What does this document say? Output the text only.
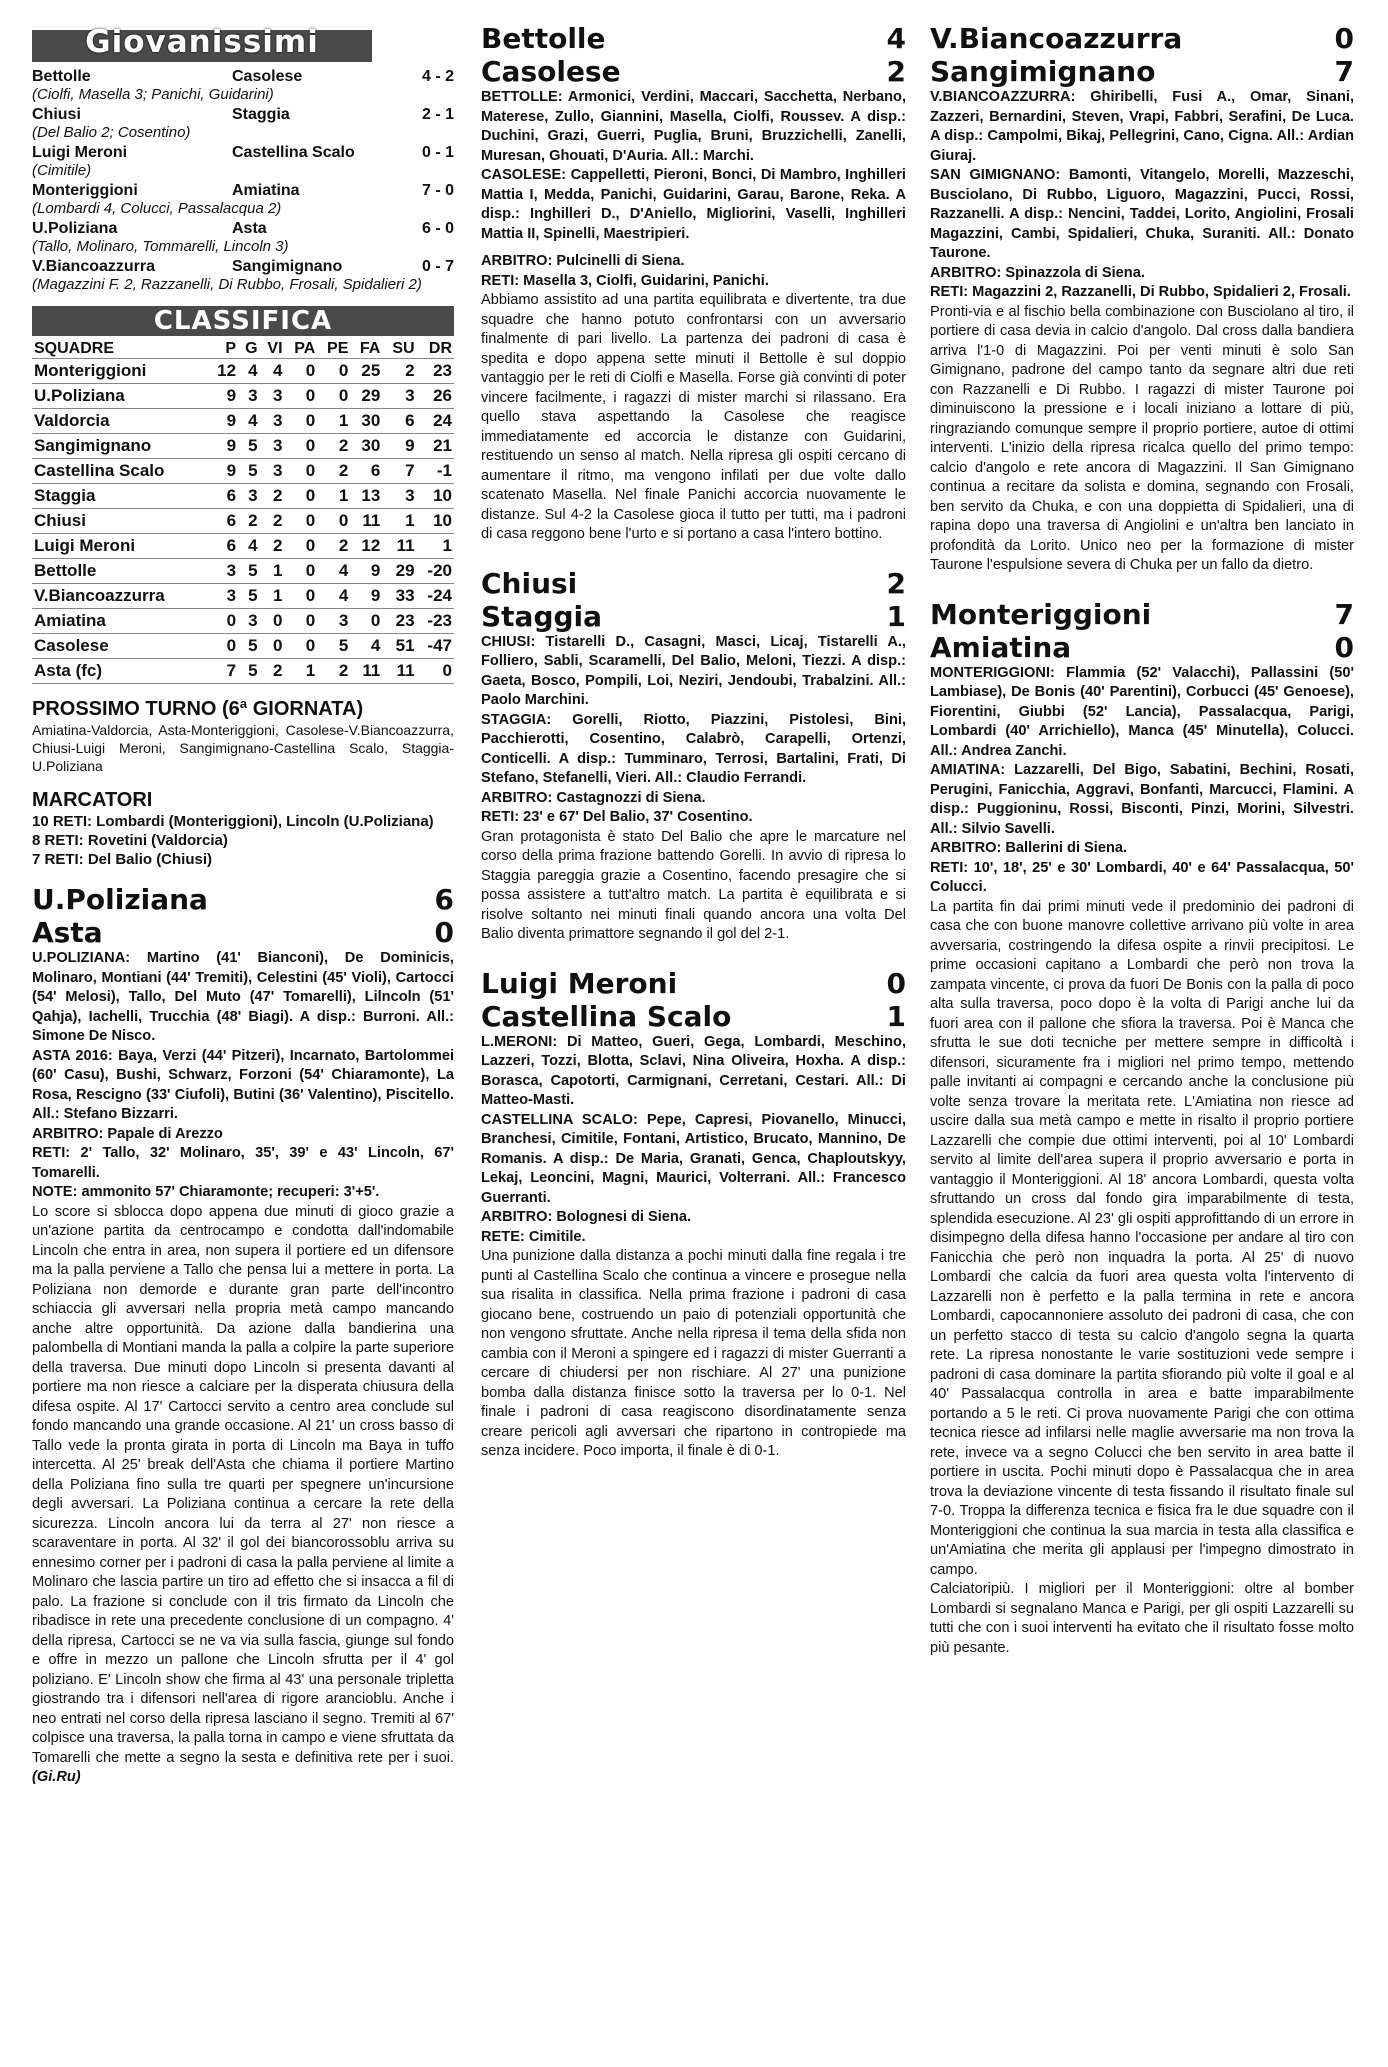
Giovanissimi
Bettolle	Casolese	4 - 2
(Ciolfi, Masella 3; Panichi, Guidarini)
Chiusi	Staggia	2 - 1
(Del Balio 2; Cosentino)
Luigi Meroni	Castellina Scalo	0 - 1
(Cimitile)
Monteriggioni	Amiatina	7 - 0
(Lombardi 4, Colucci, Passalacqua 2)
U.Poliziana	Asta	6 - 0
(Tallo, Molinaro, Tommarelli, Lincoln 3)
V.Biancoazzurra	Sangimignano	0 - 7
(Magazzini F. 2, Razzanelli, Di Rubbo, Frosali, Spidalieri 2)
CLASSIFICA
SQUADRE	P	G	VI	PA	PE	FA	SU	DR
Monteriggioni	12	4	4	0	0	25	2	23
U.Poliziana	9	3	3	0	0	29	3	26
Valdorcia	9	4	3	0	1	30	6	24
Sangimignano	9	5	3	0	2	30	9	21
Castellina Scalo	9	5	3	0	2	6	7	-1
Staggia	6	3	2	0	1	13	3	10
Chiusi	6	2	2	0	0	11	1	10
Luigi Meroni	6	4	2	0	2	12	11	1
Bettolle	3	5	1	0	4	9	29	-20
V.Biancoazzurra	3	5	1	0	4	9	33	-24
Amiatina	0	3	0	0	3	0	23	-23
Casolese	0	5	0	0	5	4	51	-47
Asta (fc)	7	5	2	1	2	11	11	0
PROSSIMO TURNO (6ª GIORNATA)
Amiatina-Valdorcia, Asta-Monteriggioni, Casolese-V.Biancoazzurra, Chiusi-Luigi Meroni, Sangimignano-Castellina Scalo, Staggia-U.Poliziana
MARCATORI
10 RETI: Lombardi (Monteriggioni), Lincoln (U.Poliziana)
8 RETI: Rovetini (Valdorcia)
7 RETI: Del Balio (Chiusi)
U.Poliziana	6
Asta	0
U.POLIZIANA: Martino (41' Bianconi), De Dominicis, Molinaro, Montiani (44' Tremiti), Celestini (45' Violi), Cartocci (54' Melosi), Tallo, Del Muto (47' Tomarelli), Lilncoln (51' Qahja), Iachelli, Trucchia (48' Biagi). A disp.: Burroni. All.: Simone De Nisco.
ASTA 2016: Baya, Verzi (44' Pitzeri), Incarnato, Bartolommei (60' Casu), Bushi, Schwarz, Forzoni (54' Chiaramonte), La Rosa, Rescigno (33' Ciufoli), Butini (36' Valentino), Piscitello. All.: Stefano Bizzarri.
ARBITRO: Papale di Arezzo
RETI: 2' Tallo, 32' Molinaro, 35', 39' e 43' Lincoln, 67' Tomarelli.
NOTE: ammonito 57' Chiaramonte; recuperi: 3'+5'.
Lo score si sblocca dopo appena due minuti di gioco grazie a un'azione partita da centrocampo e condotta dall'indomabile Lincoln che entra in area, non supera il portiere ed un difensore ma la palla perviene a Tallo che pensa lui a mettere in porta. La Poliziana non demorde e durante gran parte dell'incontro schiaccia gli avversari nella propria metà campo mancando anche altre opportunità. Da azione dalla bandierina una palombella di Montiani manda la palla a colpire la parte superiore della traversa. Due minuti dopo Lincoln si presenta davanti al portiere ma non riesce a calciare per la disperata chiusura della difesa ospite. Al 17' Cartocci servito a centro area conclude sul fondo mancando una grande occasione. Al 21' un cross basso di Tallo vede la pronta girata in porta di Lincoln ma Baya in tuffo intercetta. Al 25' break dell'Asta che chiama il portiere Martino della Poliziana fino sulla tre quarti per spegnere un'incursione degli avversari. La Poliziana continua a cercare la rete della sicurezza. Lincoln ancora lui da terra al 27' non riesce a scaraventare in porta. Al 32' il gol dei biancorossoblu arriva su ennesimo corner per i padroni di casa la palla perviene al limite a Molinaro che lascia partire un tiro ad effetto che si insacca a fil di palo. La frazione si conclude con il tris firmato da Lincoln che ribadisce in rete una precedente conclusione di un compagno. 4' della ripresa, Cartocci se ne va via sulla fascia, giunge sul fondo e offre in mezzo un pallone che Lincoln sfrutta per il 4' gol poliziano. E' Lincoln show che firma al 43' una personale tripletta giostrando tra i difensori nell'area di rigore arancioblu. Anche i neo entrati nel corso della ripresa lasciano il segno. Tremiti al 67' colpisce una traversa, la palla torna in campo e viene sfruttata da Tomarelli che mette a segno la sesta e definitiva rete per i suoi. (Gi.Ru)
Bettolle	4
Casolese	2
BETTOLLE: Armonici, Verdini, Maccari, Sacchetta, Nerbano, Materese, Zullo, Giannini, Masella, Ciolfi, Roussev. A disp.: Duchini, Grazi, Guerri, Puglia, Bruni, Bruzzichelli, Zanelli, Muresan, Ghouati, D'Auria. All.: Marchi.
CASOLESE: Cappelletti, Pieroni, Bonci, Di Mambro, Inghilleri Mattia I, Medda, Panichi, Guidarini, Garau, Barone, Reka. A disp.: Inghilleri D., D'Aniello, Migliorini, Vaselli, Inghilleri Mattia II, Spinelli, Maestripieri.
ARBITRO: Pulcinelli di Siena.
RETI: Masella 3, Ciolfi, Guidarini, Panichi.
Abbiamo assistito ad una partita equilibrata e divertente, tra due squadre che hanno potuto confrontarsi con un avversario finalmente di pari livello. La partenza dei padroni di casa è spedita e dopo appena sette minuti il Bettolle è sul doppio vantaggio per le reti di Ciolfi e Masella. Forse già convinti di poter vincere facilmente, i ragazzi di mister marchi si rilassano. Era quello stava aspettando la Casolese che reagisce immediatamente ed accorcia le distanze con Guidarini, restituendo un senso al match. Nella ripresa gli ospiti cercano di aumentare il ritmo, ma vengono infilati per due volte dallo scatenato Masella. Nel finale Panichi accorcia nuovamente le distanze. Sul 4-2 la Casolese gioca il tutto per tutti, ma i padroni di casa reggono bene l'urto e si portano a casa l'intero bottino.
Chiusi	2
Staggia	1
CHIUSI: Tistarelli D., Casagni, Masci, Licaj, Tistarelli A., Folliero, Sabli, Scaramelli, Del Balio, Meloni, Tiezzi. A disp.: Gaeta, Bosco, Pompili, Loi, Neziri, Jendoubi, Trabalzini. All.: Paolo Marchini.
STAGGIA: Gorelli, Riotto, Piazzini, Pistolesi, Bini, Pacchierotti, Cosentino, Calabrò, Carapelli, Ortenzi, Conticelli. A disp.: Tumminaro, Terrosi, Bartalini, Frati, Di Stefano, Stefanelli, Vieri. All.: Claudio Ferrandi.
ARBITRO: Castagnozzi di Siena.
RETI: 23' e 67' Del Balio, 37' Cosentino.
Gran protagonista è stato Del Balio che apre le marcature nel corso della prima frazione battendo Gorelli. In avvio di ripresa lo Staggia pareggia grazie a Cosentino, facendo presagire che si possa assistere a tutt'altro match. La partita è equilibrata e si risolve soltanto nei minuti finali quando ancora una volta Del Balio diventa primattore segnando il gol del 2-1.
Luigi Meroni	0
Castellina Scalo	1
L.MERONI: Di Matteo, Gueri, Gega, Lombardi, Meschino, Lazzeri, Tozzi, Blotta, Sclavi, Nina Oliveira, Hoxha. A disp.: Borasca, Capotorti, Carmignani, Cerretani, Cestari. All.: Di Matteo-Masti.
CASTELLINA SCALO: Pepe, Capresi, Piovanello, Minucci, Branchesi, Cimitile, Fontani, Artistico, Brucato, Mannino, De Romanis. A disp.: De Maria, Granati, Genca, Chaploutskyy, Lekaj, Leoncini, Magni, Maurici, Volterrani. All.: Francesco Guerranti.
ARBITRO: Bolognesi di Siena.
RETE: Cimitile.
Una punizione dalla distanza a pochi minuti dalla fine regala i tre punti al Castellina Scalo che continua a vincere e prosegue nella sua risalita in classifica. Nella prima frazione i padroni di casa giocano bene, costruendo un paio di potenziali opportunità che non vengono sfruttate. Anche nella ripresa il tema della sfida non cambia con il Meroni a spingere ed i ragazzi di mister Guerranti a cercare di chiudersi per non rischiare. Al 27' una punizione bomba dalla distanza finisce sotto la traversa per lo 0-1. Nel finale i padroni di casa reagiscono disordinatamente senza creare pericoli agli avversari che ripartono in contropiede ma senza incidere. Poco importa, il finale è di 0-1.
V.Biancoazzurra	0
Sangimignano	7
V.BIANCOAZZURRA: Ghiribelli, Fusi A., Omar, Sinani, Zazzeri, Bernardini, Steven, Vrapi, Fabbri, Serafini, De Luca. A disp.: Campolmi, Bikaj, Pellegrini, Cano, Cigna. All.: Ardian Giuraj.
SAN GIMIGNANO: Bamonti, Vitangelo, Morelli, Mazzeschi, Busciolano, Di Rubbo, Liguoro, Magazzini, Pucci, Rossi, Razzanelli. A disp.: Nencini, Taddei, Lorito, Angiolini, Frosali Magazzini, Cambi, Spidalieri, Chuka, Suraniti. All.: Donato Taurone.
ARBITRO: Spinazzola di Siena.
RETI: Magazzini 2, Razzanelli, Di Rubbo, Spidalieri 2, Frosali.
Pronti-via e al fischio bella combinazione con Busciolano al tiro, il portiere di casa devia in calcio d'angolo. Dal cross dalla bandiera arriva l'1-0 di Magazzini. Poi per venti minuti è solo San Gimignano, padrone del campo tanto da segnare altri due reti con Razzanelli e Di Rubbo. I ragazzi di mister Taurone poi diminuiscono la pressione e i locali iniziano a lottare di più, ringraziando comunque sempre il proprio portiere, autoe di ottimi interventi. L'inizio della ripresa ricalca quello del primo tempo: calcio d'angolo e rete ancora di Magazzini. Il San Gimignano continua a recitare da solista e domina, segnando con Frosali, ben servito da Chuka, e con una doppietta di Spidalieri, una di rapina dopo una traversa di Angiolini e un'altra ben lanciato in profondità da Lorito. Unico neo per la formazione di mister Taurone l'espulsione severa di Chuka per un fallo da dietro.
Monteriggioni	7
Amiatina	0
MONTERIGGIONI: Flammia (52' Valacchi), Pallassini (50' Lambiase), De Bonis (40' Parentini), Corbucci (45' Genoese), Fiorentini, Giubbi (52' Lancia), Passalacqua, Parigi, Lombardi (40' Arrichiello), Manca (45' Minutella), Colucci. All.: Andrea Zanchi.
AMIATINA: Lazzarelli, Del Bigo, Sabatini, Bechini, Rosati, Perugini, Fanicchia, Aggravi, Bonfanti, Marcucci, Flamini. A disp.: Puggioninu, Rossi, Bisconti, Pinzi, Morini, Silvestri. All.: Silvio Savelli.
ARBITRO: Ballerini di Siena.
RETI: 10', 18', 25' e 30' Lombardi, 40' e 64' Passalacqua, 50' Colucci.
La partita fin dai primi minuti vede il predominio dei padroni di casa che con buone manovre collettive arrivano più volte in area avversaria, costringendo la difesa ospite a rinvii precipitosi. Le prime occasioni capitano a Lombardi che però non trova la zampata vincente, ci prova da fuori De Bonis con la palla di poco alta sulla traversa, poco dopo è la volta di Parigi anche lui da fuori area con il pallone che sfiora la traversa. Poi è Manca che sfrutta le sue doti tecniche per mettere sempre in difficoltà i difensori, sicuramente fra i migliori nel primo tempo, mettendo palle invitanti ai compagni e cercando anche la conclusione più volte senza trovare la meritata rete. L'Amiatina non riesce ad uscire dalla sua metà campo e mette in risalto il proprio portiere Lazzarelli che compie due ottimi interventi, poi al 10' Lombardi servito al limite dell'area supera il proprio avversario e porta in vantaggio il Monteriggioni. Al 18' ancora Lombardi, questa volta sfruttando un cross dal fondo gira imparabilmente di testa, splendida esecuzione. Al 23' gli ospiti approfittando di un errore in disimpegno della difesa hanno l'occasione per andare al tiro con Fanicchia che però non inquadra la porta. Al 25' di nuovo Lombardi che calcia da fuori area questa volta l'intervento di Lazzarelli non è perfetto e la palla termina in rete e ancora Lombardi, capocannoniere assoluto dei padroni di casa, che con un perfetto stacco di testa su calcio d'angolo segna la quarta rete. La ripresa nonostante le varie sostituzioni vede sempre i padroni di casa dominare la partita sfiorando più volte il goal e al 40' Passalacqua controlla in area e batte imparabilmente portando a 5 le reti. Ci prova nuovamente Parigi che con ottima tecnica riesce ad infilarsi nelle maglie avversarie ma non trova la rete, invece va a segno Colucci che ben servito in area batte il portiere in uscita. Pochi minuti dopo è Passalacqua che in area trova la deviazione vincente di testa fissando il risultato finale sul 7-0. Troppa la differenza tecnica e fisica fra le due squadre con il Monteriggioni che continua la sua marcia in testa alla classifica e un'Amiatina che merita gli applausi per l'impegno dimostrato in campo.
Calciatoripiù. I migliori per il Monteriggioni: oltre al bomber Lombardi si segnalano Manca e Parigi, per gli ospiti Lazzarelli su tutti che con i suoi interventi ha evitato che il risultato fosse molto più pesante.
